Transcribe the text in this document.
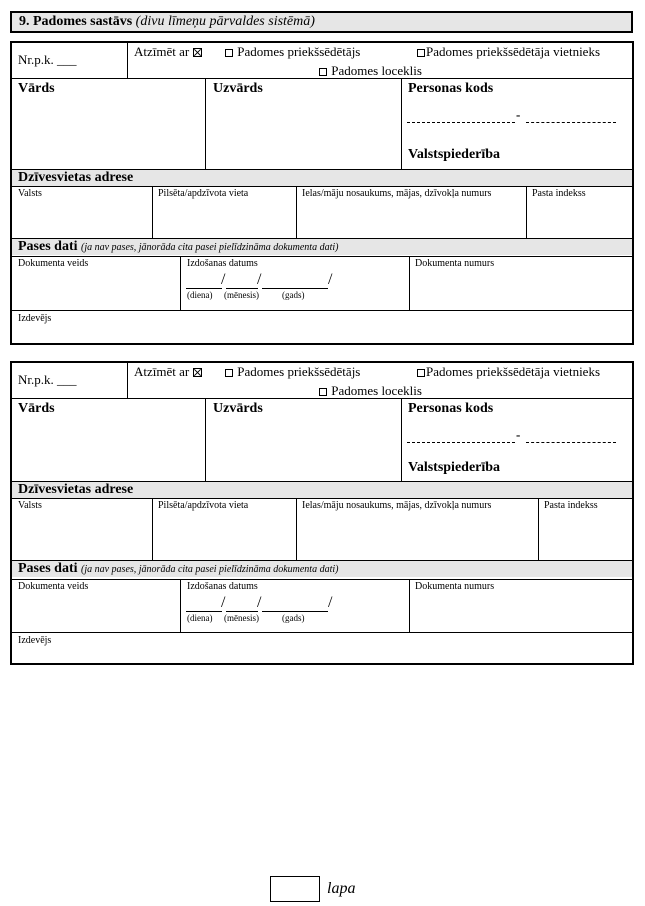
9. Padomes sastāvs (divu līmeņu pārvaldes sistēmā)
Nr.p.k. ___
Atzīmēt ar	Padomes priekšsēdētājs	Padomes priekšsēdētāja vietnieks
Padomes loceklis
Vārds	Uzvārds	Personas kods
-
Valstspiederība
Dzīvesvietas adrese
Valsts	Pilsēta/apdzīvota vieta	Ielas/māju nosaukums, mājas, dzīvokļa numurs	Pasta indekss
Pases dati (ja nav pases, jānorāda cita pasei pielīdzināma dokumenta dati)
Dokumenta veids	Izdošanas datums
/ /	/
(diena) (mēnesis)	(gads)
Dokumenta numurs
Izdevējs
Nr.p.k. ___
Atzīmēt ar	Padomes priekšsēdētājs	Padomes priekšsēdētāja vietnieks
Padomes loceklis
Vārds	Uzvārds	Personas kods
-
Valstspiederība
Dzīvesvietas adrese
Valsts	Pilsēta/apdzīvota vieta	Ielas/māju nosaukums, mājas, dzīvokļa numurs	Pasta indekss
Pases dati (ja nav pases, jānorāda cita pasei pielīdzināma dokumenta dati)
Dokumenta veids	Izdošanas datums
/ /	/
(diena) (mēnesis)	(gads)
Dokumenta numurs
Izdevējs
lapa
